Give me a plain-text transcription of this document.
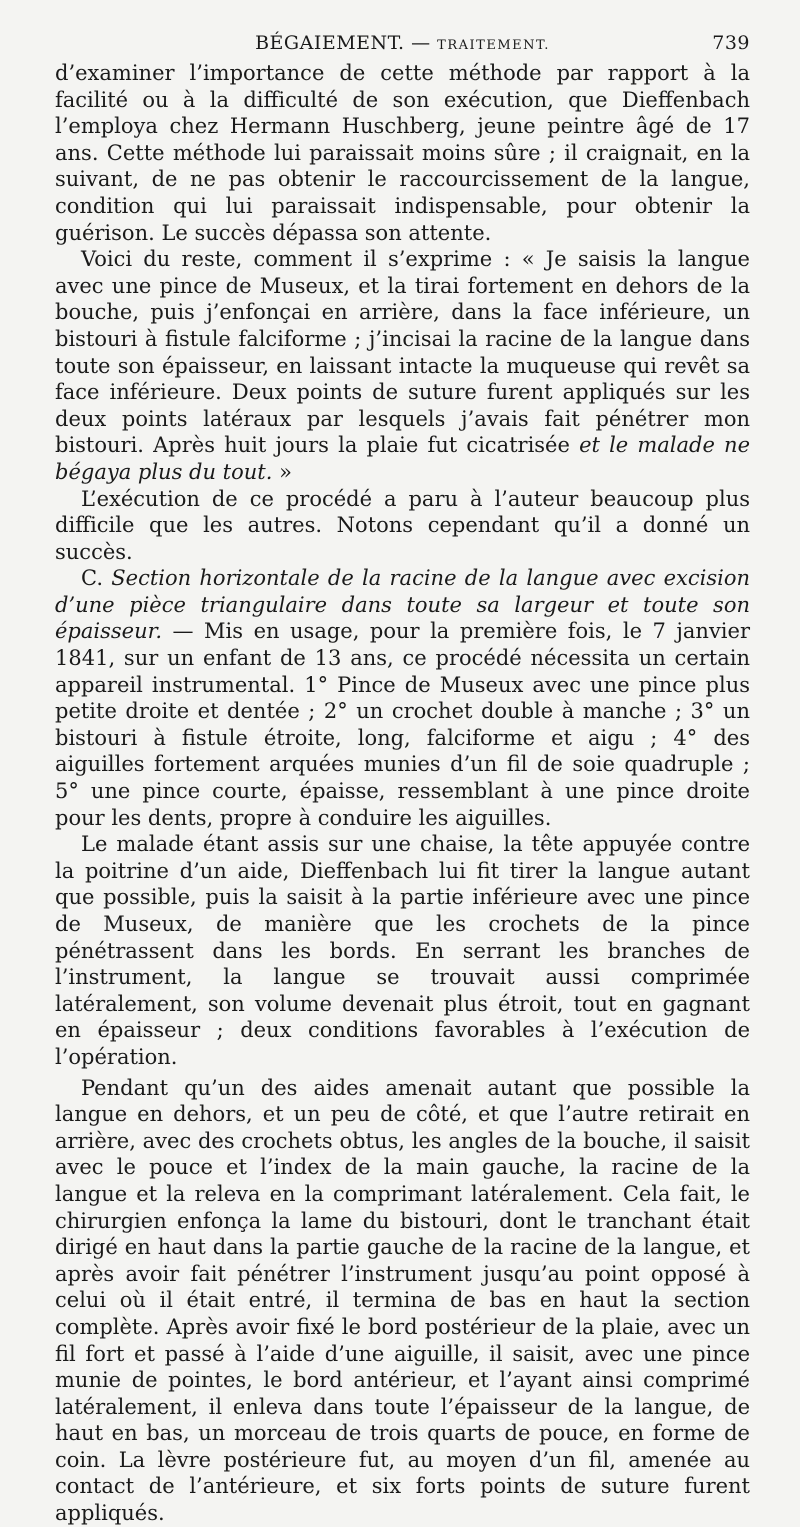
BÉGAIEMENT. — TRAITEMENT.	739

d’examiner l’importance de cette méthode par rapport à la facilité ou à la difficulté de son exécution, que Dieffenbach l’employa chez Hermann Huschberg, jeune peintre âgé de 17 ans. Cette méthode lui paraissait moins sûre ; il craignait, en la suivant, de ne pas obtenir le raccourcissement de la langue, condition qui lui paraissait indispensable, pour obtenir la guérison. Le succès dépassa son attente.

Voici du reste, comment il s’exprime : « Je saisis la langue avec une pince de Museux, et la tirai fortement en dehors de la bouche, puis j’enfonçai en arrière, dans la face inférieure, un bistouri à fistule falciforme ; j’incisai la racine de la langue dans toute son épaisseur, en laissant intacte la muqueuse qui revêt sa face inférieure. Deux points de suture furent appliqués sur les deux points latéraux par lesquels j’avais fait pénétrer mon bistouri. Après huit jours la plaie fut cicatrisée et le malade ne bégaya plus du tout. »

L’exécution de ce procédé a paru à l’auteur beaucoup plus difficile que les autres. Notons cependant qu’il a donné un succès.

C. Section horizontale de la racine de la langue avec excision d’une pièce triangulaire dans toute sa largeur et toute son épaisseur. — Mis en usage, pour la première fois, le 7 janvier 1841, sur un enfant de 13 ans, ce procédé nécessita un certain appareil instrumental. 1° Pince de Museux avec une pince plus petite droite et dentée ; 2° un crochet double à manche ; 3° un bistouri à fistule étroite, long, falciforme et aigu ; 4° des aiguilles fortement arquées munies d’un fil de soie quadruple ; 5° une pince courte, épaisse, ressemblant à une pince droite pour les dents, propre à conduire les aiguilles.

Le malade étant assis sur une chaise, la tête appuyée contre la poitrine d’un aide, Dieffenbach lui fit tirer la langue autant que possible, puis la saisit à la partie inférieure avec une pince de Museux, de manière que les crochets de la pince pénétrassent dans les bords. En serrant les branches de l’instrument, la langue se trouvait aussi comprimée latéralement, son volume devenait plus étroit, tout en gagnant en épaisseur ; deux conditions favorables à l’exécution de l’opération.

Pendant qu’un des aides amenait autant que possible la langue en dehors, et un peu de côté, et que l’autre retirait en arrière, avec des crochets obtus, les angles de la bouche, il saisit avec le pouce et l’index de la main gauche, la racine de la langue et la releva en la comprimant latéralement. Cela fait, le chirurgien enfonça la lame du bistouri, dont le tranchant était dirigé en haut dans la partie gauche de la racine de la langue, et après avoir fait pénétrer l’instrument jusqu’au point opposé à celui où il était entré, il termina de bas en haut la section complète. Après avoir fixé le bord postérieur de la plaie, avec un fil fort et passé à l’aide d’une aiguille, il saisit, avec une pince munie de pointes, le bord antérieur, et l’ayant ainsi comprimé latéralement, il enleva dans toute l’épaisseur de la langue, de haut en bas, un morceau de trois quarts de pouce, en forme de coin. La lèvre postérieure fut, au moyen d’un fil, amenée au contact de l’antérieure, et six forts points de suture furent appliqués.
